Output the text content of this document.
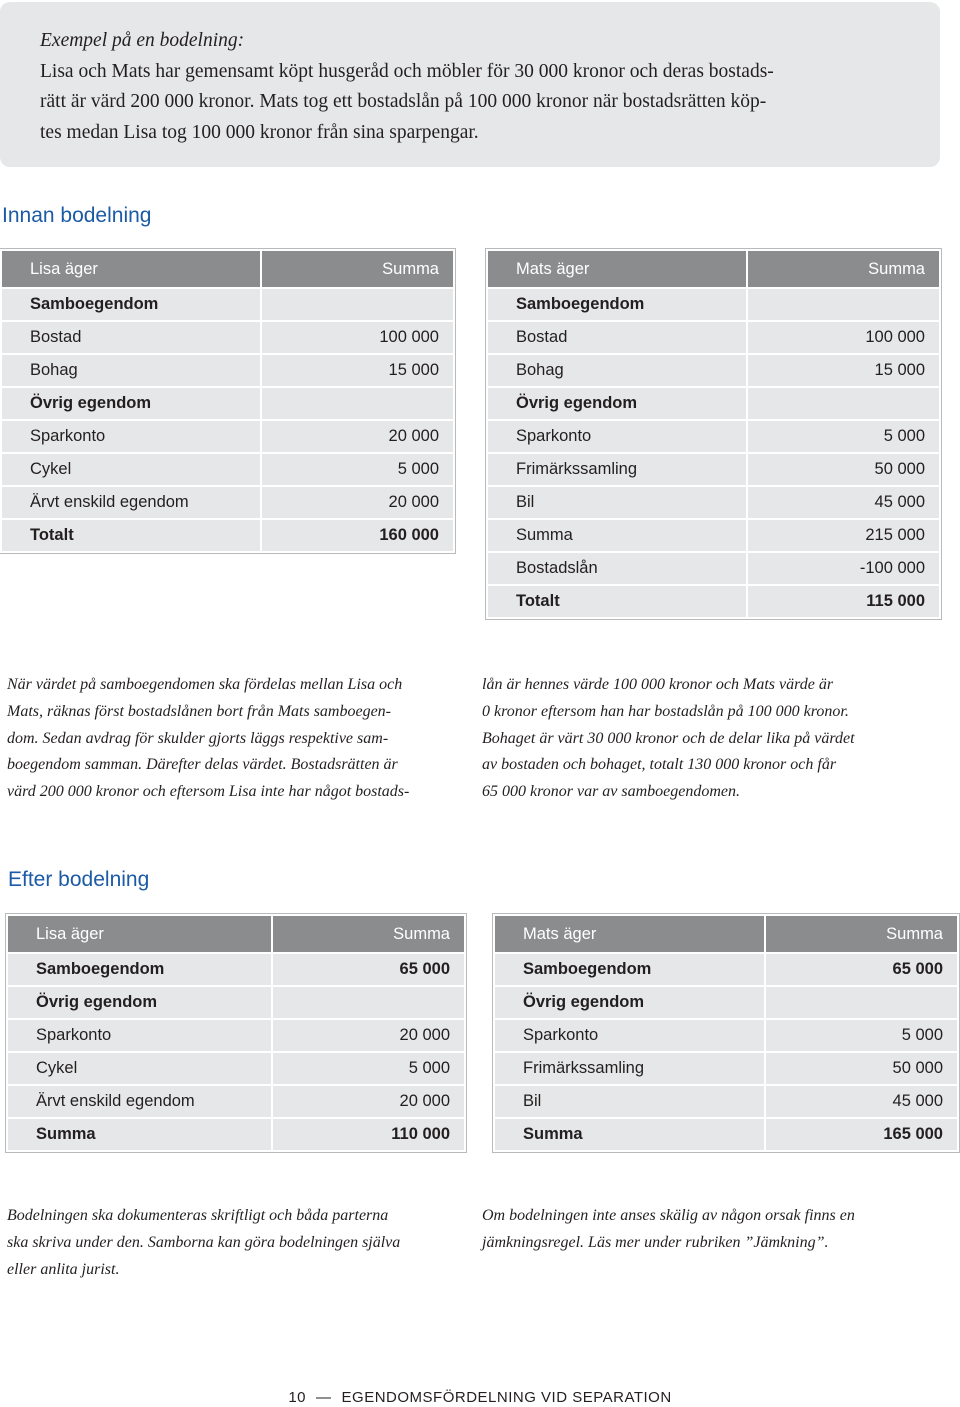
Exempel på en bodelning:

Lisa och Mats har gemensamt köpt husgeråd och möbler för 30 000 kronor och deras bostads-

rätt är värd 200 000 kronor. Mats tog ett bostadslån på 100 000 kronor när bostadsrätten köp-

tes medan Lisa tog 100 000 kronor från sina sparpengar.

Innan bodelning
Lisa äger	Summa
Samboegendom	
Bostad	100 000
Bohag	15 000
Övrig egendom	
Sparkonto	20 000
Cykel	5 000
Ärvt enskild egendom	20 000
Totalt	160 000
Mats äger	Summa
Samboegendom	
Bostad	100 000
Bohag	15 000
Övrig egendom	
Sparkonto	5 000
Frimärkssamling	50 000
Bil	45 000
Summa	215 000
Bostadslån	-100 000
Totalt	115 000
När värdet på samboegendomen ska fördelas mellan Lisa och
Mats, räknas först bostadslånen bort från Mats samboegen-
dom. Sedan avdrag för skulder gjorts läggs respektive sam-
boegendom samman. Därefter delas värdet. Bostadsrätten är
värd 200 000 kronor och eftersom Lisa inte har något bostads-
lån är hennes värde 100 000 kronor och Mats värde är
0 kronor eftersom han har bostadslån på 100 000 kronor.
Bohaget är värt 30 000 kronor och de delar lika på värdet
av bostaden och bohaget, totalt 130 000 kronor och får
65 000 kronor var av samboegendomen.
Efter bodelning
Lisa äger	Summa
Samboegendom	65 000
Övrig egendom	
Sparkonto	20 000
Cykel	5 000
Ärvt enskild egendom	20 000
Summa	110 000
Mats äger	Summa
Samboegendom	65 000
Övrig egendom	
Sparkonto	5 000
Frimärkssamling	50 000
Bil	45 000
Summa	165 000
Bodelningen ska dokumenteras skriftligt och båda parterna
ska skriva under den. Samborna kan göra bodelningen själva
eller anlita jurist.
Om bodelningen inte anses skälig av någon orsak finns en
jämkningsregel. Läs mer under rubriken ”Jämkning”.
10 — EGENDOMSFÖRDELNING VID SEPARATION
